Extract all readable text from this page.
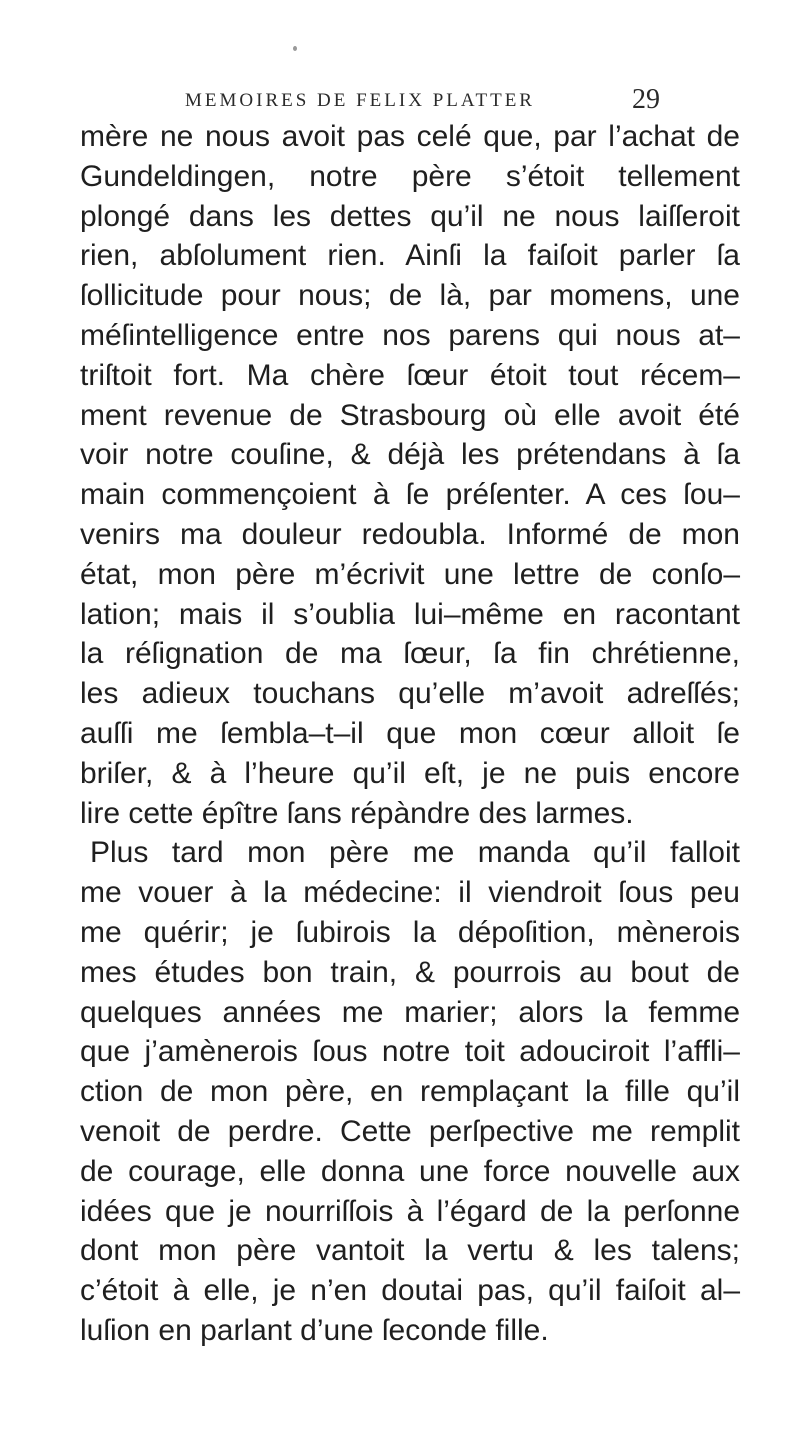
MEMOIRES DE FELIX PLATTER	29
mère ne nous avoit pas celé que, par l’achat de
Gundeldingen, notre père s’étoit tellement
plongé dans les dettes qu’il ne nous laiſſeroit
rien, abſolument rien. Ainſi la faiſoit parler ſa
ſollicitude pour nous; de là, par momens, une
méſintelligence entre nos parens qui nous at–
triſtoit fort. Ma chère ſœur étoit tout récem–
ment revenue de Strasbourg où elle avoit été
voir notre couſine, & déjà les prétendans à ſa
main commençoient à ſe préſenter. A ces ſou–
venirs ma douleur redoubla. Informé de mon
état, mon père m’écrivit une lettre de conſo–
lation; mais il s’oublia lui–même en racontant
la réſignation de ma ſœur, ſa fin chrétienne,
les adieux touchans qu’elle m’avoit adreſſés;
auſſi me ſembla–t–il que mon cœur alloit ſe
briſer, & à l’heure qu’il eſt, je ne puis encore
lire cette épître ſans répàndre des larmes.
Plus tard mon père me manda qu’il falloit
me vouer à la médecine: il viendroit ſous peu
me quérir; je ſubirois la dépoſition, mènerois
mes études bon train, & pourrois au bout de
quelques années me marier; alors la femme
que j’amènerois ſous notre toit adouciroit l’affli–
ction de mon père, en remplaçant la fille qu’il
venoit de perdre. Cette perſpective me remplit
de courage, elle donna une force nouvelle aux
idées que je nourriſſois à l’égard de la perſonne
dont mon père vantoit la vertu & les talens;
c’étoit à elle, je n’en doutai pas, qu’il faiſoit al–
luſion en parlant d’une ſeconde fille.
